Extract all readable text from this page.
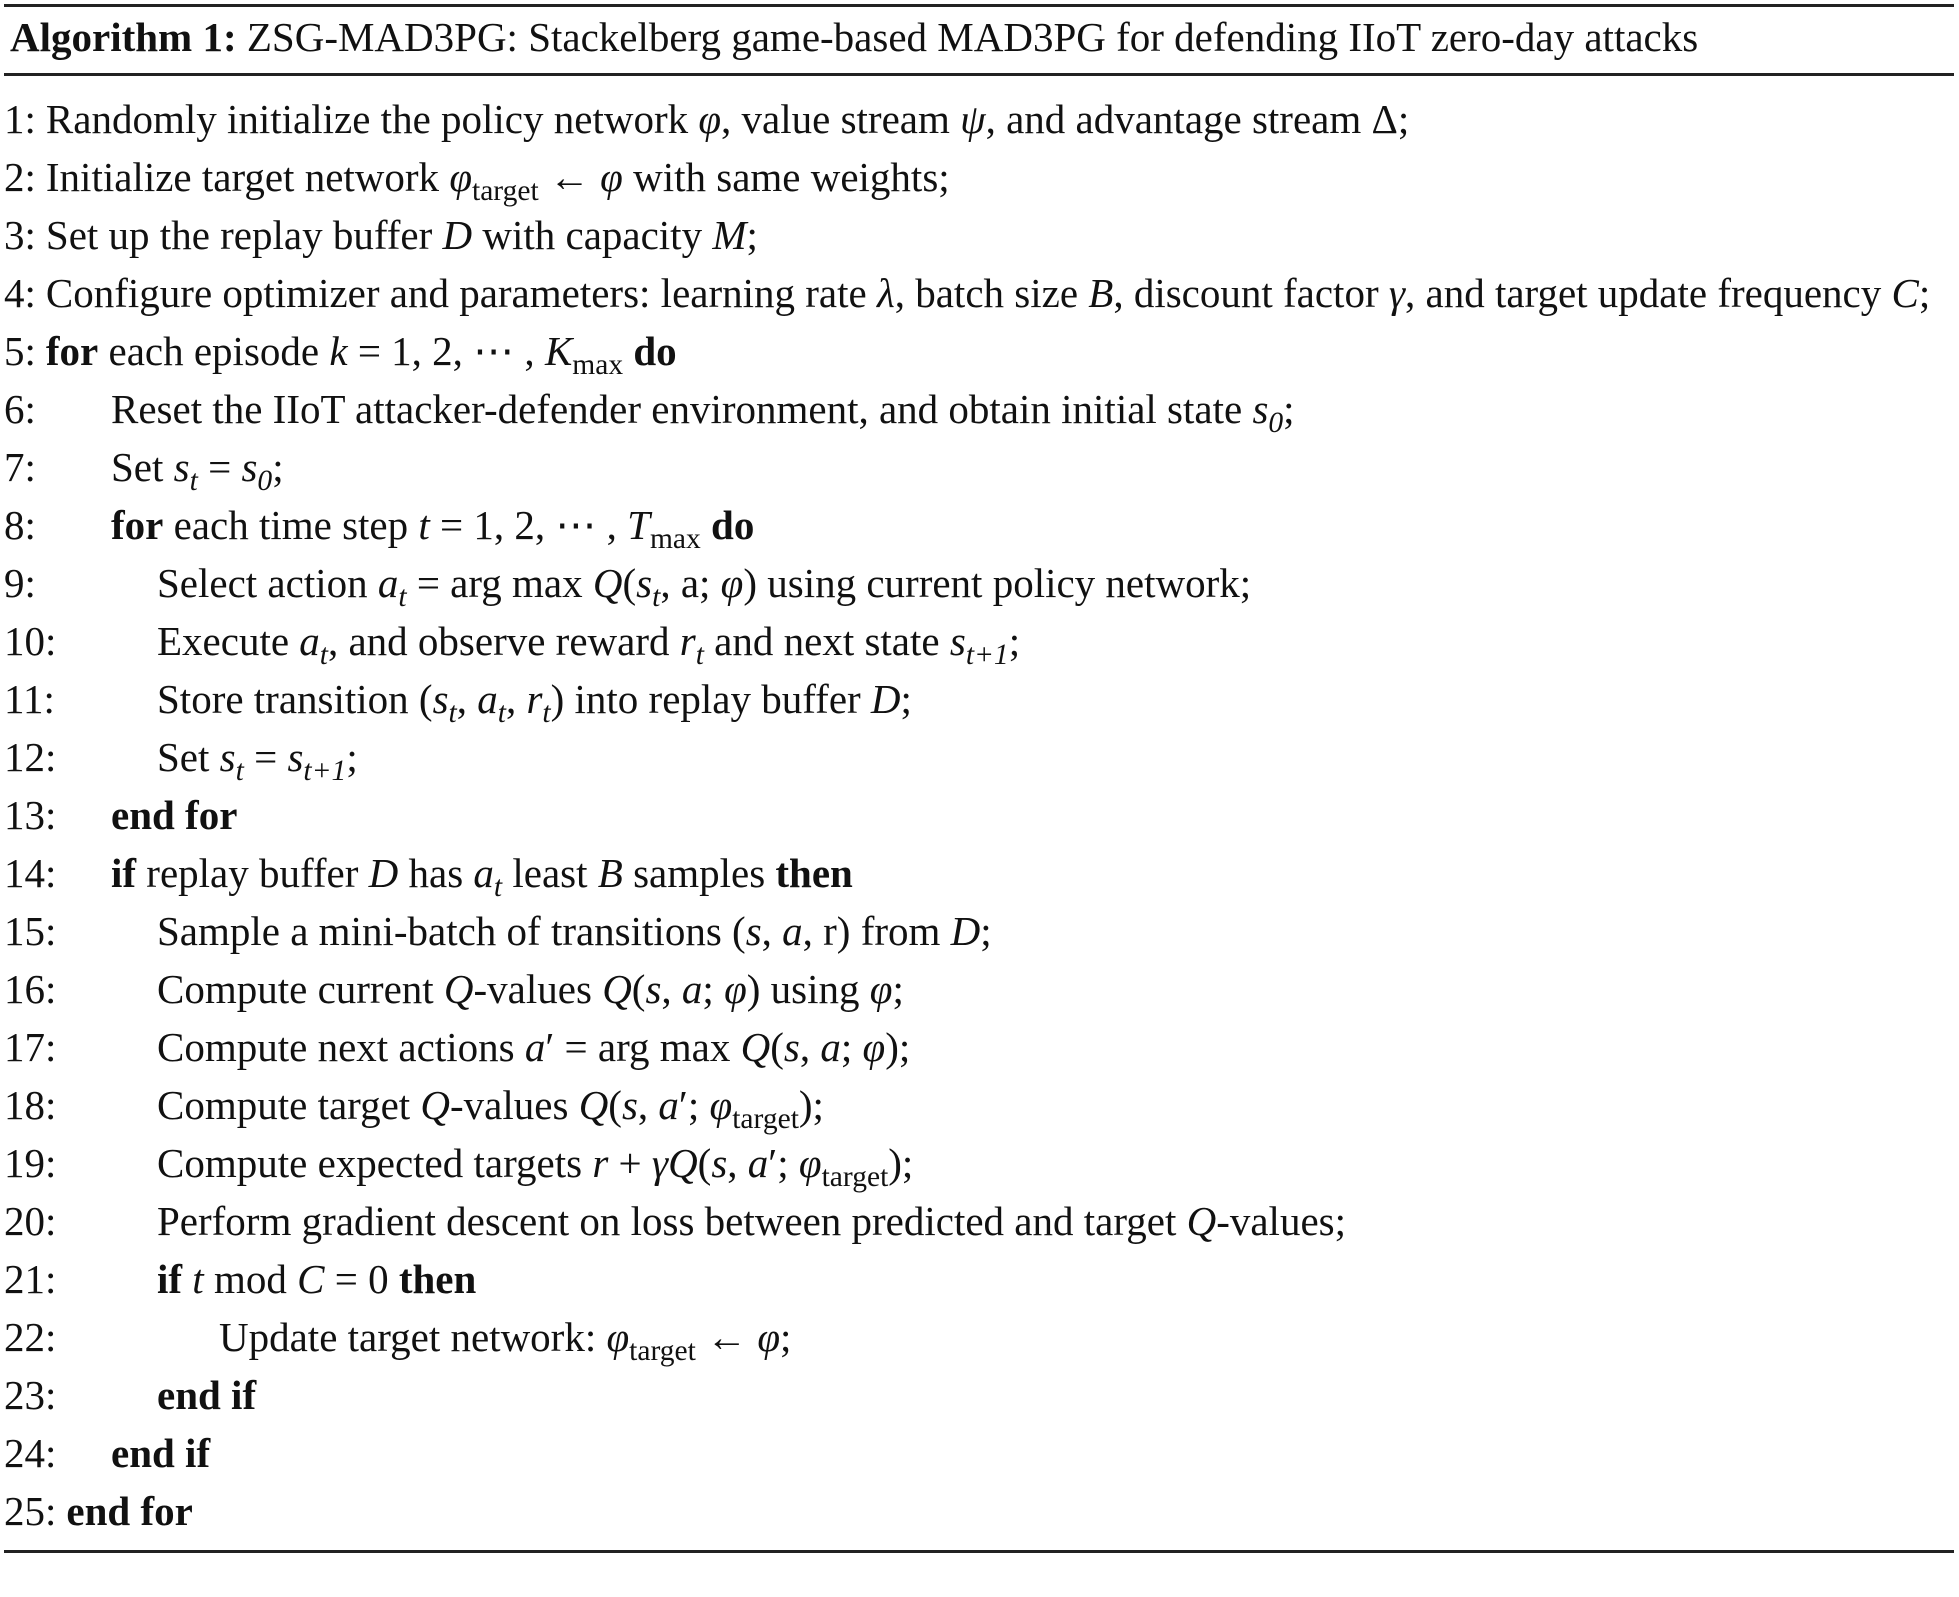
Algorithm 1: ZSG-MAD3PG: Stackelberg game-based MAD3PG for defending IIoT zero-day attacks
1: Randomly initialize the policy network φ, value stream ψ, and advantage stream Δ;
2: Initialize target network $\varphi_{target}$ ← φ with same weights;
3: Set up the replay buffer D with capacity M;
4: Configure optimizer and parameters: learning rate λ, batch size B, discount factor γ, and target update frequency C;
5: for each episode k = 1, 2, ⋯ , $K_{max}$ do
6:	Reset the IIoT attacker-defender environment, and obtain initial state $s_0$;
7:	Set $s_t = s_0$;
8:	for each time step t = 1, 2, ⋯ , $T_{max}$ do
9:	Select action $a_t$ = arg $\max Q(s_t$, a; φ) using current policy network;
10:	Execute $a_t$, and observe reward $r_t$ and next state $s_{t+1}$;
11:	Store transition ($s_t$, $a_t$, $r_t$) into replay buffer D;
12:	Set $s_t = s_{t+1}$;
13:	end for
14:	if replay buffer D has $a_t$ least B samples then
15:	Sample a mini-batch of transitions (s, a, r) from D;
16:	Compute current Q-values Q(s, a; φ) using φ;
17:	Compute next actions a′ = arg max Q(s, a; φ);
18:	Compute target Q-values Q(s, a′; $\varphi_{target}$);
19:	Compute expected targets r + γQ(s, a′; $\varphi_{target}$);
20:	Perform gradient descent on loss between predicted and target Q-values;
21:	if t mod C = 0 then
22:	Update target network: $\varphi_{target}$ ← φ;
23:	end if
24:	end if
25: end for
